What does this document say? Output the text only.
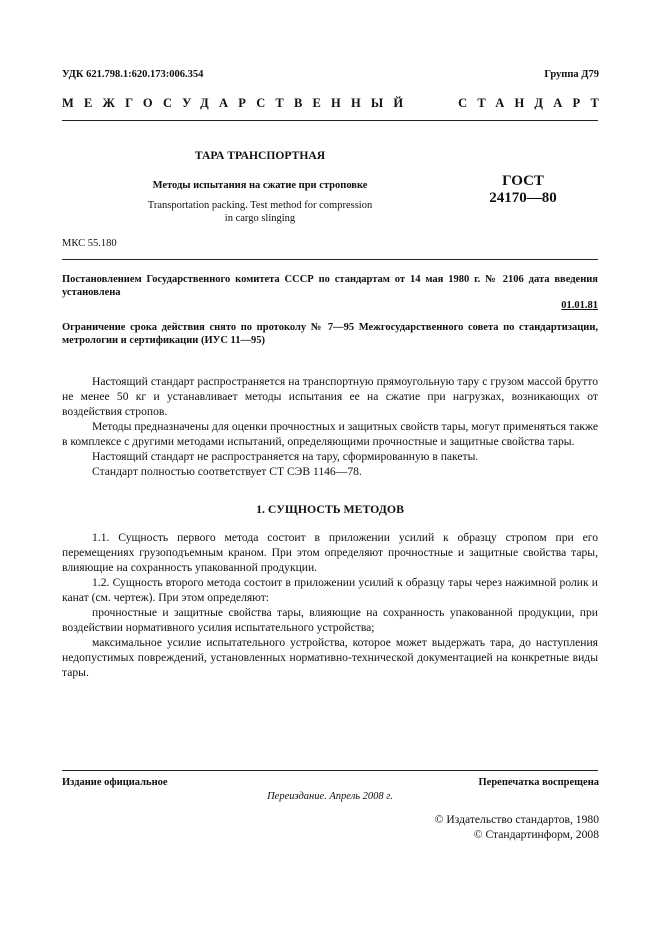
УДК 621.798.1:620.173:006.354	Группа Д79
МЕЖГОСУДАРСТВЕННЫЙ	СТАНДАРТ
ТАРА ТРАНСПОРТНАЯ
Методы испытания на сжатие при строповке
Transportation packing. Test method for compression
in cargo slinging
ГОСТ
24170—80
МКС 55.180
Постановлением Государственного комитета СССР по стандартам от 14 мая 1980 г. № 2106 дата введения установлена
01.01.81
Ограничение срока действия снято по протоколу № 7—95 Межгосударственного совета по стандартизации, метрологии и сертификации (ИУС 11—95)

Настоящий стандарт распространяется на транспортную прямоугольную тару с грузом массой брутто не менее 50 кг и устанавливает методы испытания ее на сжатие при нагрузках, возникающих от воздействия стропов.

Методы предназначены для оценки прочностных и защитных свойств тары, могут применяться также в комплексе с другими методами испытаний, определяющими прочностные и защитные свойства тары.

Настоящий стандарт не распространяется на тару, сформированную в пакеты.

Стандарт полностью соответствует СТ СЭВ 1146—78.

1. СУЩНОСТЬ МЕТОДОВ

1.1. Сущность первого метода состоит в приложении усилий к образцу стропом при его перемещениях грузоподъемным краном. При этом определяют прочностные и защитные свойства тары, влияющие на сохранность упакованной продукции.

1.2. Сущность второго метода состоит в приложении усилий к образцу тары через нажимной ролик и канат (см. чертеж). При этом определяют:

прочностные и защитные свойства тары, влияющие на сохранность упакованной продукции, при воздействии нормативного усилия испытательного устройства;

максимальное усилие испытательного устройства, которое может выдержать тара, до наступления недопустимых повреждений, установленных нормативно-технической документацией на конкретные виды тары.

Издание официальное	Перепечатка воспрещена
Переиздание. Апрель 2008 г.
© Издательство стандартов, 1980
© Стандартинформ, 2008
